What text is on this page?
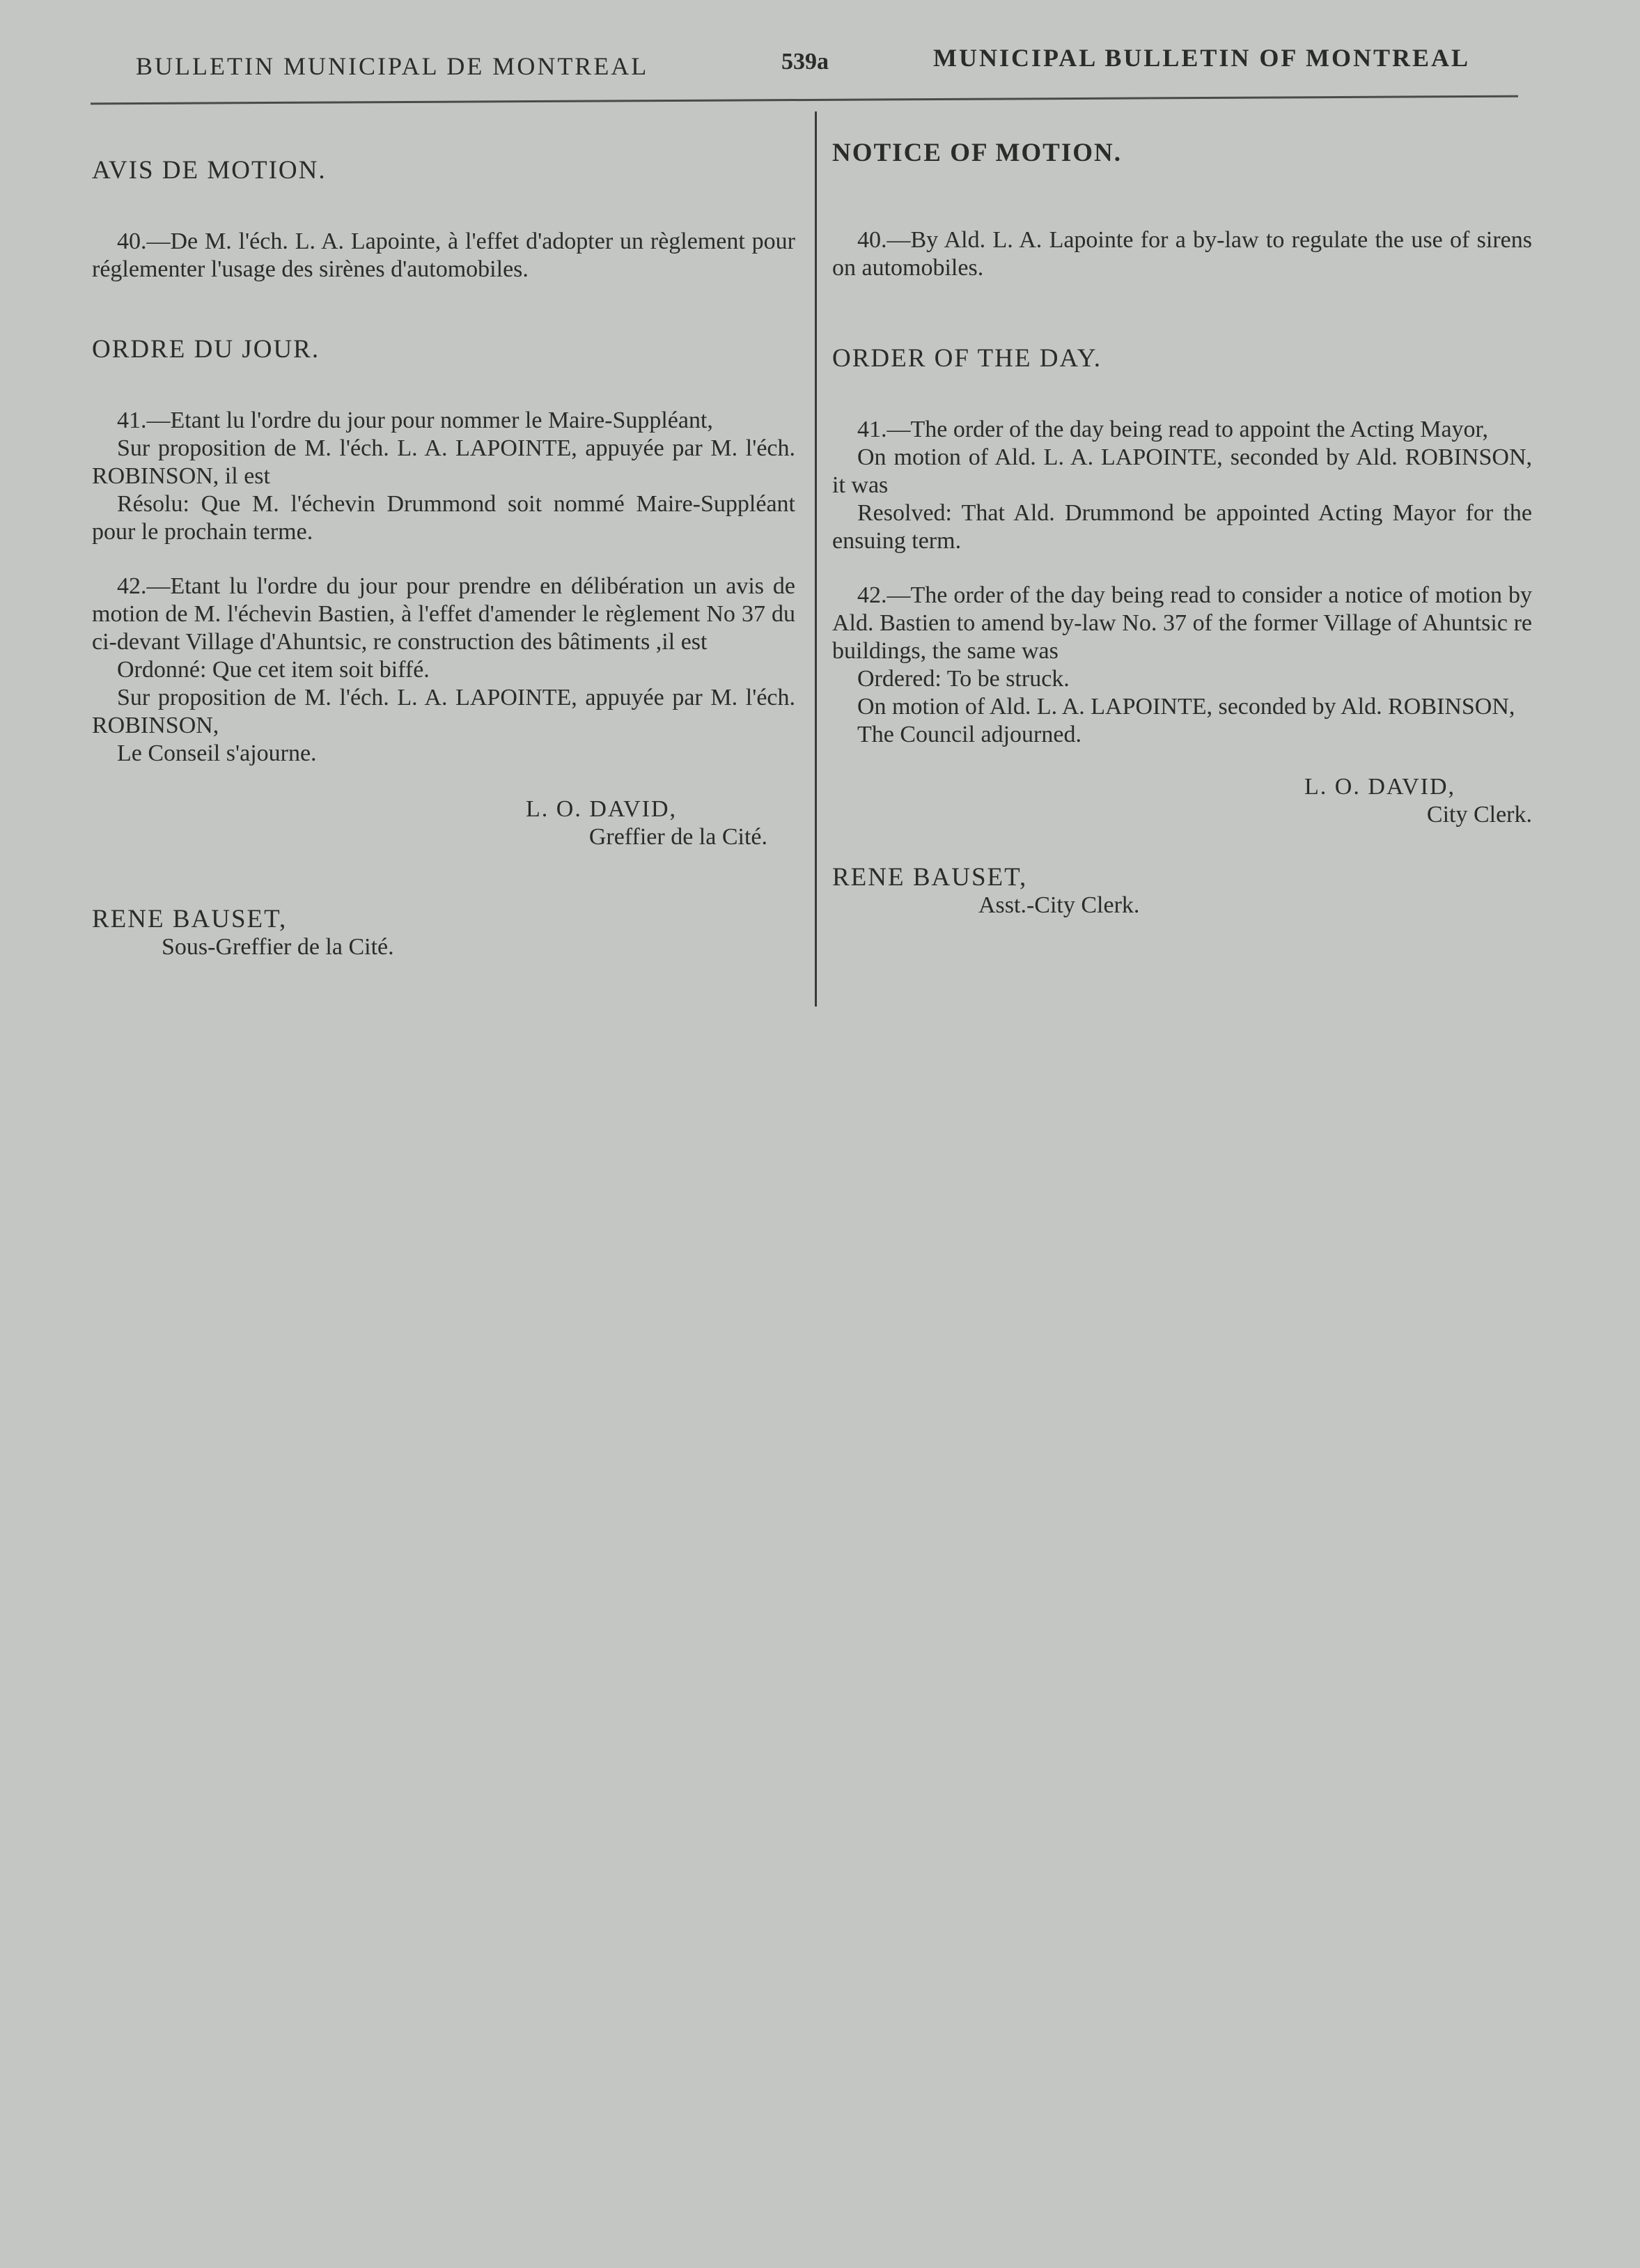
BULLETIN MUNICIPAL DE MONTREAL	539a	MUNICIPAL BULLETIN OF MONTREAL

AVIS DE MOTION.

40.—De M. l'éch. L. A. Lapointe, à l'effet d'adopter un règlement pour réglementer l'usage des sirènes d'automobiles.

ORDRE DU JOUR.

41.—Etant lu l'ordre du jour pour nommer le Maire-Suppléant,

Sur proposition de M. l'éch. L. A. LAPOINTE, appuyée par M. l'éch. ROBINSON, il est

Résolu: Que M. l'échevin Drummond soit nommé Maire-Suppléant pour le prochain terme.

42.—Etant lu l'ordre du jour pour prendre en délibération un avis de motion de M. l'échevin Bastien, à l'effet d'amender le règlement No 37 du ci-devant Village d'Ahuntsic, re construction des bâtiments ,il est

Ordonné: Que cet item soit biffé.

Sur proposition de M. l'éch. L. A. LAPOINTE, appuyée par M. l'éch. ROBINSON,

Le Conseil s'ajourne.

L. O. DAVID,

Greffier de la Cité.

RENE BAUSET,

Sous-Greffier de la Cité.

NOTICE OF MOTION.

40.—By Ald. L. A. Lapointe for a by-law to regulate the use of sirens on automobiles.

ORDER OF THE DAY.

41.—The order of the day being read to appoint the Acting Mayor,

On motion of Ald. L. A. LAPOINTE, seconded by Ald. ROBINSON, it was

Resolved: That Ald. Drummond be appointed Acting Mayor for the ensuing term.

42.—The order of the day being read to consider a notice of motion by Ald. Bastien to amend by-law No. 37 of the former Village of Ahuntsic re buildings, the same was

Ordered: To be struck.

On motion of Ald. L. A. LAPOINTE, seconded by Ald. ROBINSON,

The Council adjourned.

L. O. DAVID,

City Clerk.

RENE BAUSET,

Asst.-City Clerk.
